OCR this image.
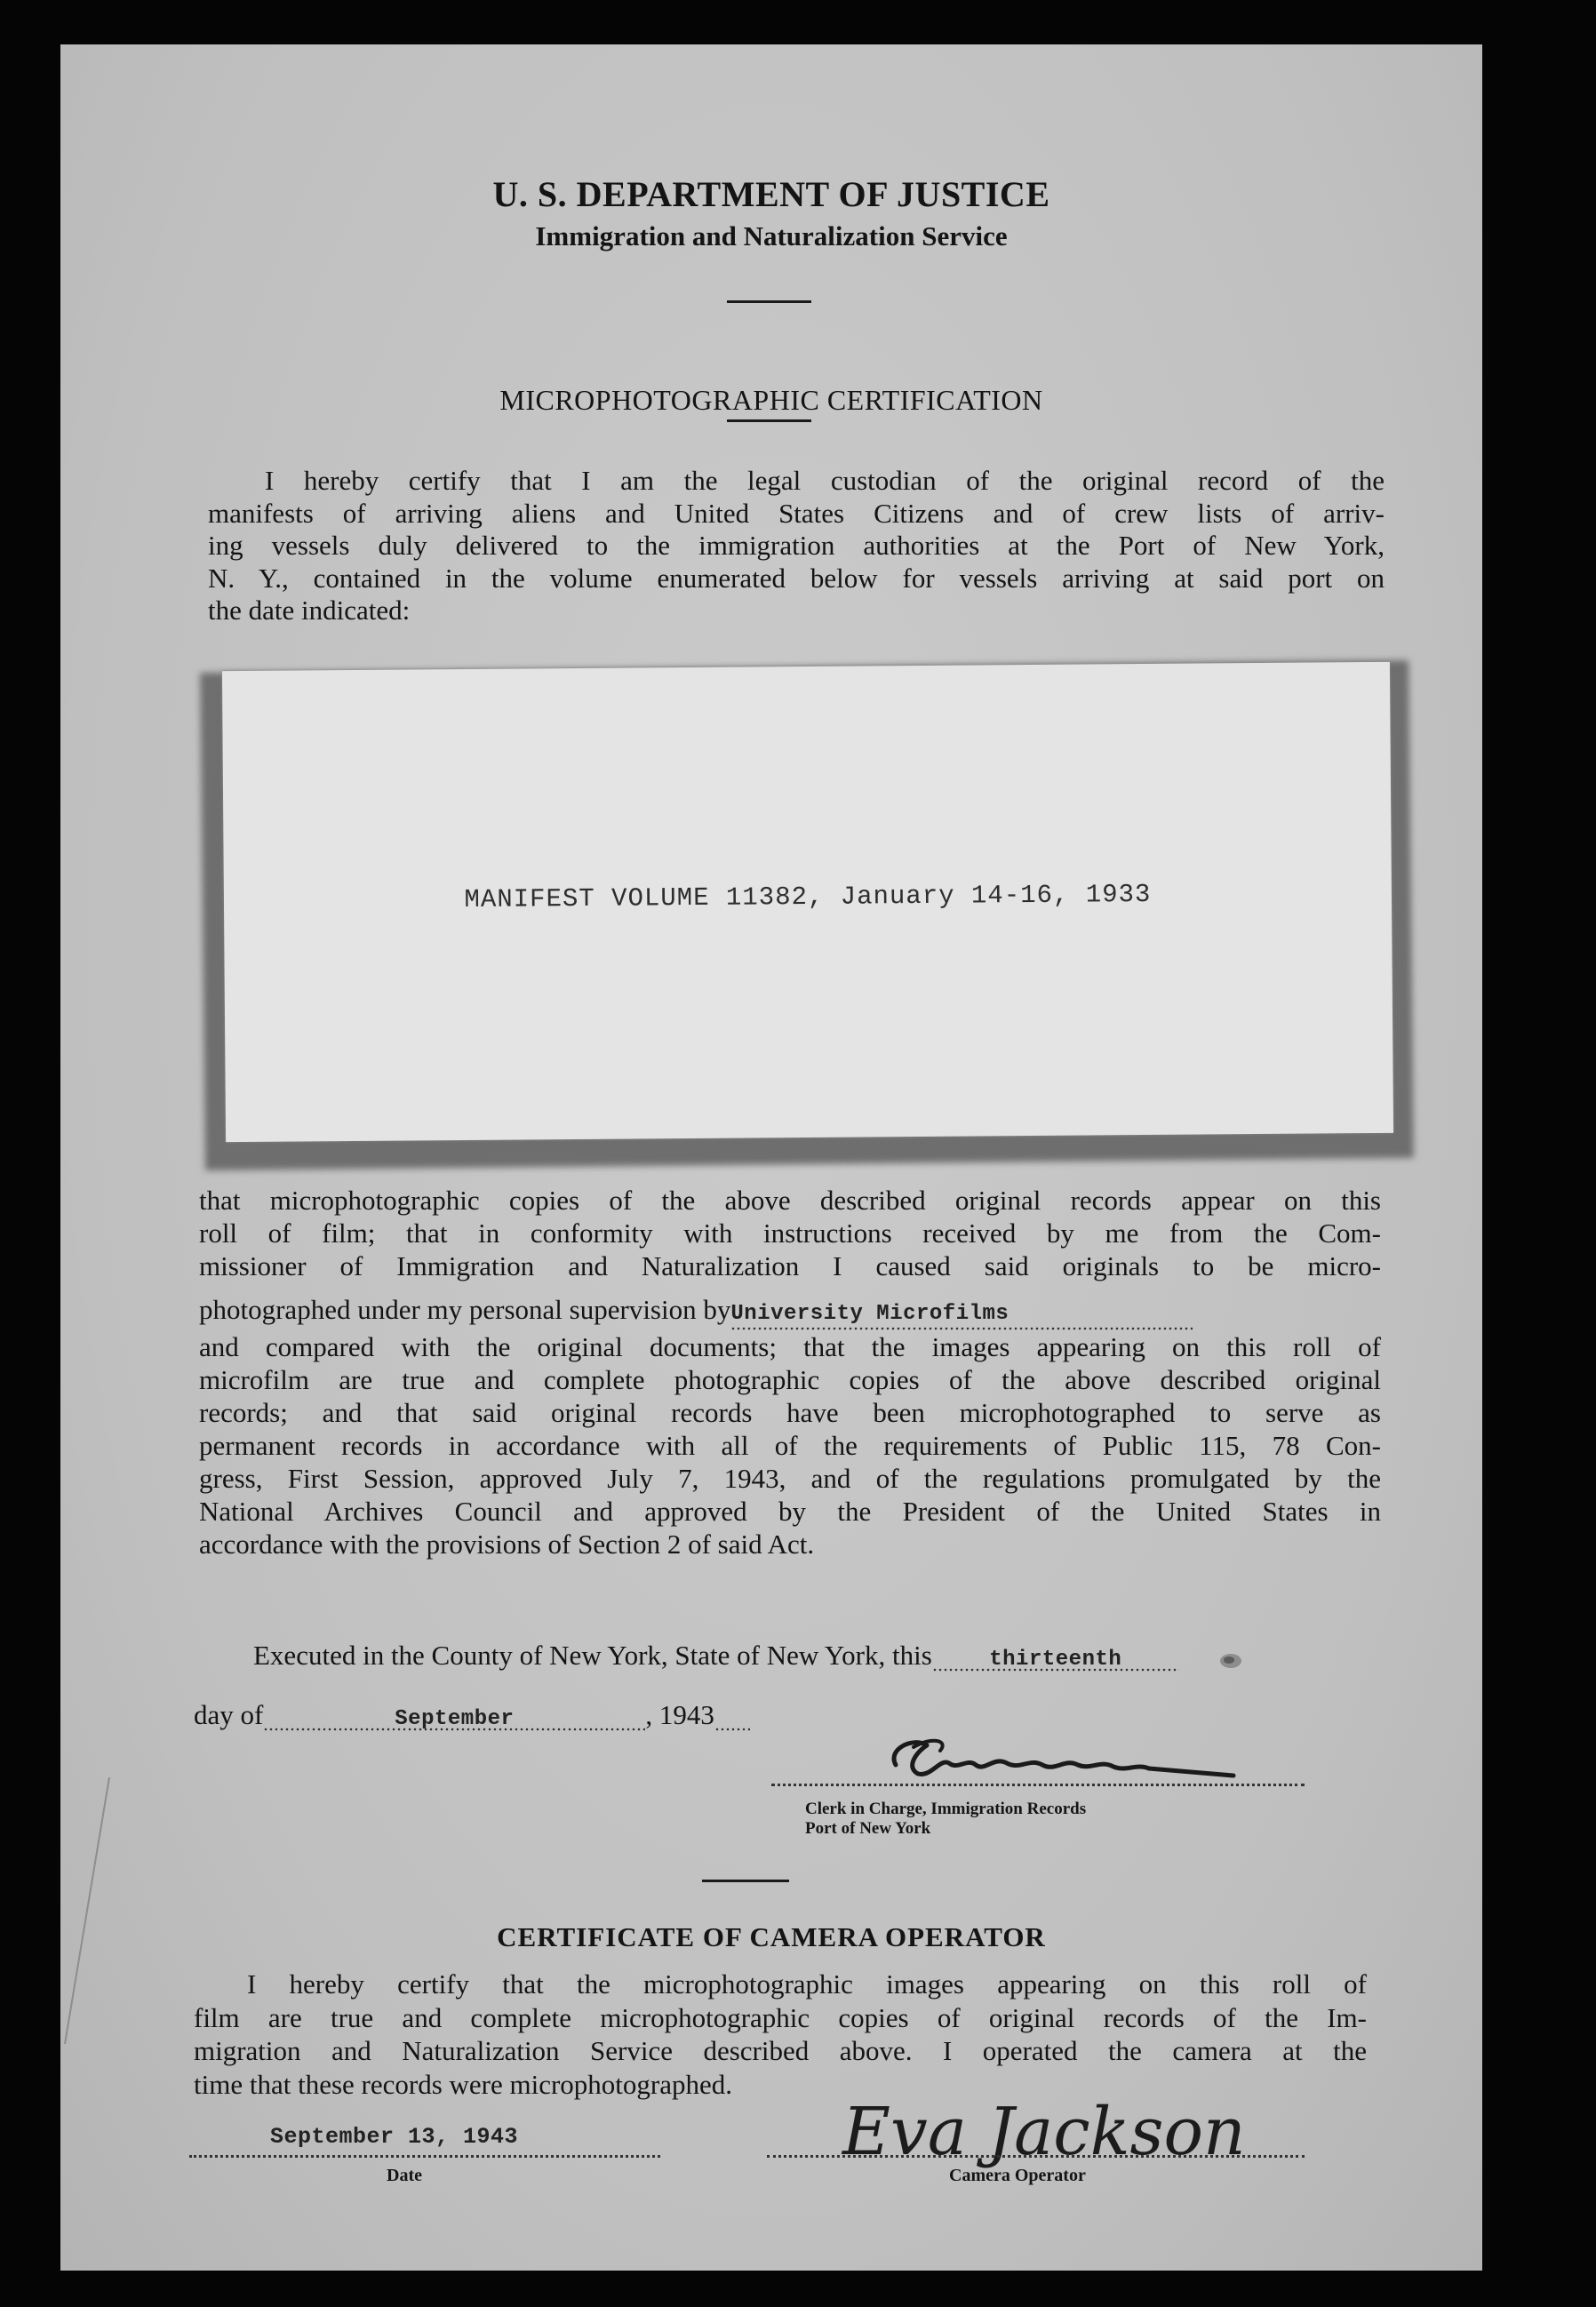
U. S. DEPARTMENT OF JUSTICE
Immigration and Naturalization Service
MICROPHOTOGRAPHIC CERTIFICATION
I hereby certify that I am the legal custodian of the original record of the
manifests of arriving aliens and United States Citizens and of crew lists of arriv-
ing vessels duly delivered to the immigration authorities at the Port of New York,
N. Y., contained in the volume enumerated below for vessels arriving at said port on
the date indicated:
MANIFEST VOLUME 11382, January 14-16, 1933
that microphotographic copies of the above described original records appear on this
roll of film; that in conformity with instructions received by me from the Com-
missioner of Immigration and Naturalization I caused said originals to be micro-
photographed under my personal supervision byUniversity Microfilms
and compared with the original documents; that the images appearing on this roll of
microfilm are true and complete photographic copies of the above described original
records; and that said original records have been microphotographed to serve as
permanent records in accordance with all of the requirements of Public 115, 78 Con-
gress, First Session, approved July 7, 1943, and of the regulations promulgated by the
National Archives Council and approved by the President of the United States in
accordance with the provisions of Section 2 of said Act.
Executed in the County of New York, State of New York, this	thirteenth
day of	September	, 1943
Clerk in Charge, Immigration Records
Port of New York
CERTIFICATE OF CAMERA OPERATOR
I hereby certify that the microphotographic images appearing on this roll of
film are true and complete microphotographic copies of original records of the Im-
migration and Naturalization Service described above. I operated the camera at the
time that these records were microphotographed.
September 13, 1943
Date
Eva Jackson
Camera Operator
